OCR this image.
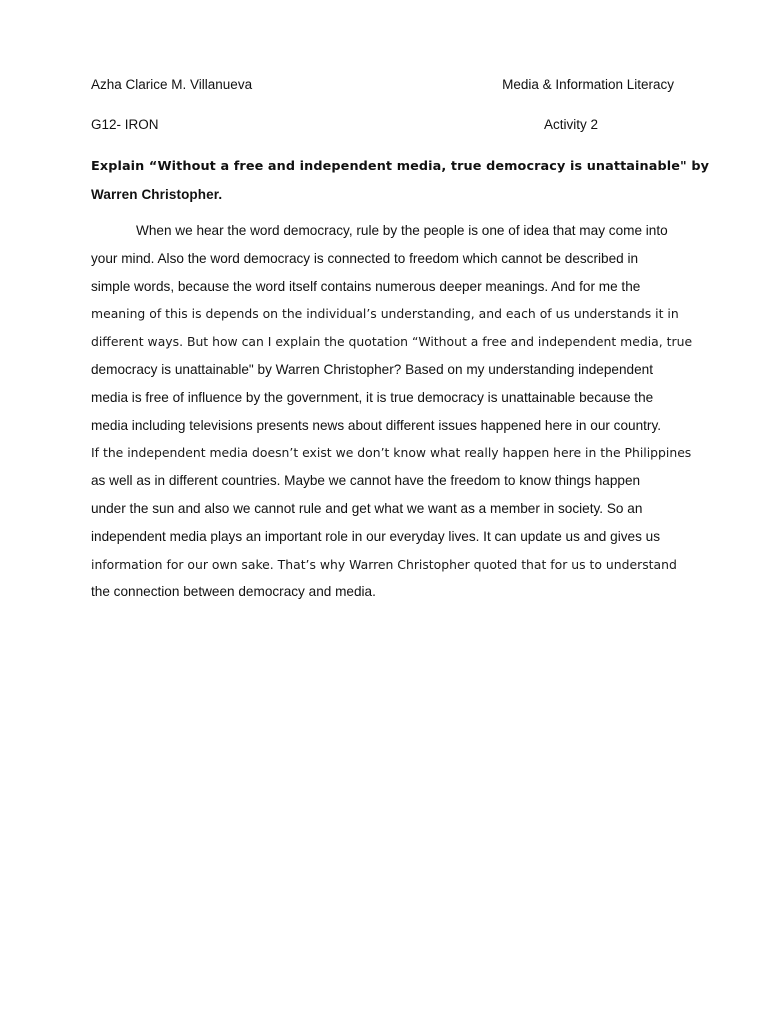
Azha Clarice M. Villanueva	Media & Information Literacy
G12- IRON	Activity 2
Explain “Without a free and independent media, true democracy is unattainable" by
Warren Christopher.
When we hear the word democracy, rule by the people is one of idea that may come into
your mind. Also the word democracy is connected to freedom which cannot be described in
simple words, because the word itself contains numerous deeper meanings. And for me the
meaning of this is depends on the individual’s understanding, and each of us understands it in
different ways. But how can I explain the quotation “Without a free and independent media, true
democracy is unattainable" by Warren Christopher? Based on my understanding independent
media is free of influence by the government, it is true democracy is unattainable because the
media including televisions presents news about different issues happened here in our country.
If the independent media doesn’t exist we don’t know what really happen here in the Philippines
as well as in different countries. Maybe we cannot have the freedom to know things happen
under the sun and also we cannot rule and get what we want as a member in society. So an
independent media plays an important role in our everyday lives. It can update us and gives us
information for our own sake. That’s why Warren Christopher quoted that for us to understand
the connection between democracy and media.
